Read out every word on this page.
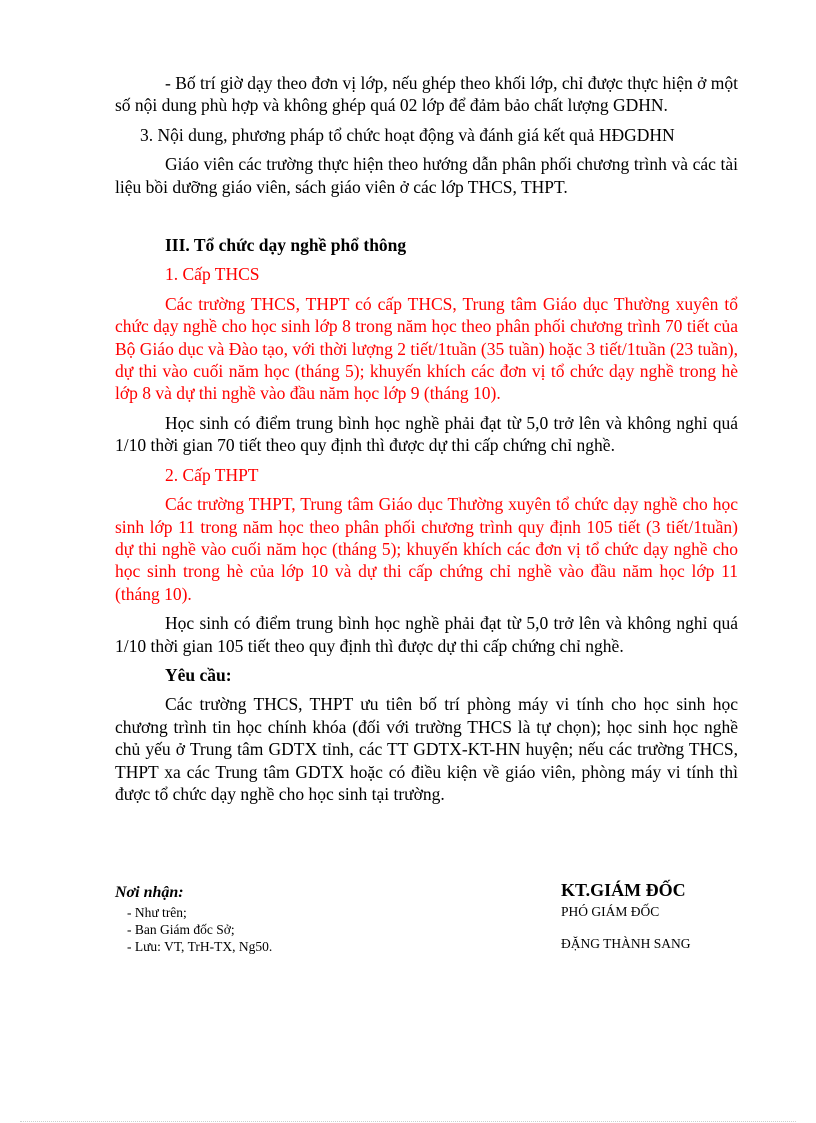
- Bố trí giờ dạy theo đơn vị lớp, nếu ghép theo khối lớp, chỉ được thực hiện ở một số nội dung phù hợp và không ghép quá 02 lớp để đảm bảo chất lượng GDHN.

3. Nội dung, phương pháp tổ chức hoạt động và đánh giá kết quả HĐGDHN

Giáo viên các trường thực hiện theo hướng dẫn phân phối chương trình và các tài liệu bồi dưỡng giáo viên, sách giáo viên ở các lớp THCS, THPT.

III. Tổ chức dạy nghề phổ thông

1. Cấp THCS

Các trường THCS, THPT có cấp THCS, Trung tâm Giáo dục Thường xuyên tổ chức dạy nghề cho học sinh lớp 8 trong năm học theo phân phối chương trình 70 tiết của Bộ Giáo dục và Đào tạo, với thời lượng 2 tiết/1tuần (35 tuần) hoặc 3 tiết/1tuần (23 tuần), dự thi vào cuối năm học (tháng 5); khuyến khích các đơn vị tổ chức dạy nghề trong hè lớp 8 và dự thi nghề vào đầu năm học lớp 9 (tháng 10).

Học sinh có điểm trung bình học nghề phải đạt từ 5,0 trở lên và không nghỉ quá 1/10 thời gian 70 tiết theo quy định thì được dự thi cấp chứng chỉ nghề.

2. Cấp THPT

Các trường THPT, Trung tâm Giáo dục Thường xuyên tổ chức dạy nghề cho học sinh lớp 11 trong năm học theo phân phối chương trình quy định 105 tiết (3 tiết/1tuần) dự thi nghề vào cuối năm học (tháng 5); khuyến khích các đơn vị tổ chức dạy nghề cho học sinh trong hè của lớp 10 và dự thi cấp chứng chỉ nghề vào đầu năm học lớp 11 (tháng 10).

Học sinh có điểm trung bình học nghề phải đạt từ 5,0 trở lên và không nghỉ quá 1/10 thời gian 105 tiết theo quy định thì được dự thi cấp chứng chỉ nghề.

Yêu cầu:

Các trường THCS, THPT ưu tiên bố trí phòng máy vi tính cho học sinh học chương trình tin học chính khóa (đối với trường THCS là tự chọn); học sinh học nghề chủ yếu ở Trung tâm GDTX tỉnh, các TT GDTX-KT-HN huyện; nếu các trường THCS, THPT xa các Trung tâm GDTX hoặc có điều kiện về giáo viên, phòng máy vi tính thì được tổ chức dạy nghề cho học sinh tại trường.

Nơi nhận:
- Như trên;
- Ban Giám đốc Sở;
- Lưu: VT, TrH-TX, Ng50.
KT.GIÁM ĐỐC
PHÓ GIÁM ĐỐC
ĐẶNG THÀNH SANG
